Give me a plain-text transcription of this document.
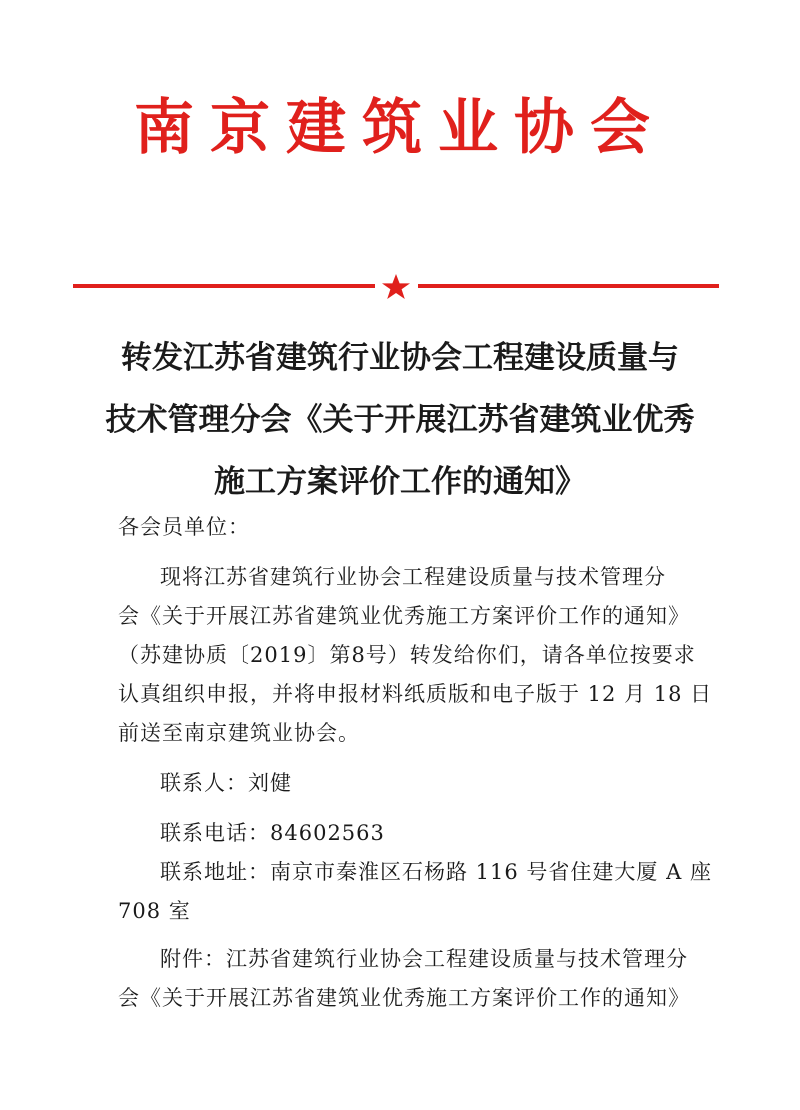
南京建筑业协会
转发江苏省建筑行业协会工程建设质量与
技术管理分会《关于开展江苏省建筑业优秀
施工方案评价工作的通知》
各会员单位：
现将江苏省建筑行业协会工程建设质量与技术管理分
会《关于开展江苏省建筑业优秀施工方案评价工作的通知》
（苏建协质〔2019〕第8号）转发给你们，请各单位按要求
认真组织申报，并将申报材料纸质版和电子版于 12 月 18 日
前送至南京建筑业协会。
联系人：刘健
联系电话：84602563
联系地址：南京市秦淮区石杨路 116 号省住建大厦 A 座
708 室
附件：江苏省建筑行业协会工程建设质量与技术管理分
会《关于开展江苏省建筑业优秀施工方案评价工作的通知》
